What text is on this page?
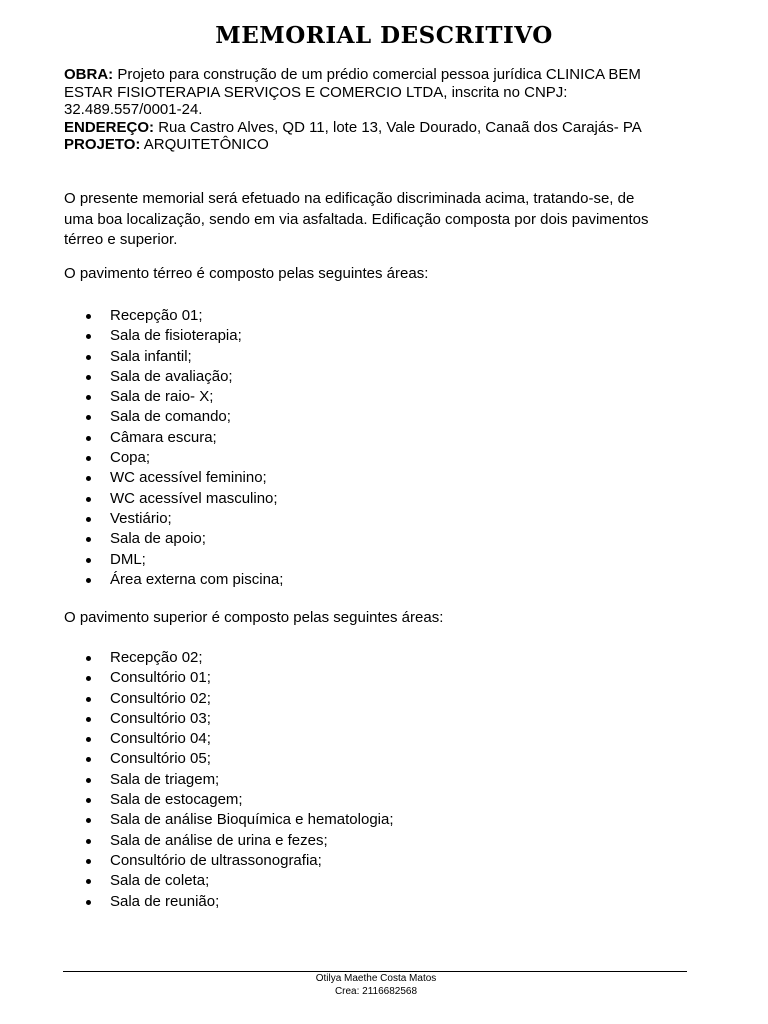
MEMORIAL DESCRITIVO
OBRA: Projeto para construção de um prédio comercial pessoa jurídica CLINICA BEM
ESTAR FISIOTERAPIA SERVIÇOS E COMERCIO LTDA, inscrita no CNPJ:
32.489.557/0001-24.
ENDEREÇO: Rua Castro Alves, QD 11, lote 13, Vale Dourado, Canaã dos Carajás- PA
PROJETO: ARQUITETÔNICO
O presente memorial será efetuado na edificação discriminada acima, tratando-se, de
uma boa localização, sendo em via asfaltada. Edificação composta por dois pavimentos
térreo e superior.

O pavimento térreo é composto pelas seguintes áreas:

Recepção 01;
Sala de fisioterapia;
Sala infantil;
Sala de avaliação;
Sala de raio- X;
Sala de comando;
Câmara escura;
Copa;
WC acessível feminino;
WC acessível masculino;
Vestiário;
Sala de apoio;
DML;
Área externa com piscina;

O pavimento superior é composto pelas seguintes áreas:

Recepção 02;
Consultório 01;
Consultório 02;
Consultório 03;
Consultório 04;
Consultório 05;
Sala de triagem;
Sala de estocagem;
Sala de análise Bioquímica e hematologia;
Sala de análise de urina e fezes;
Consultório de ultrassonografia;
Sala de coleta;
Sala de reunião;
Otilya Maethe Costa Matos
Crea: 2116682568
